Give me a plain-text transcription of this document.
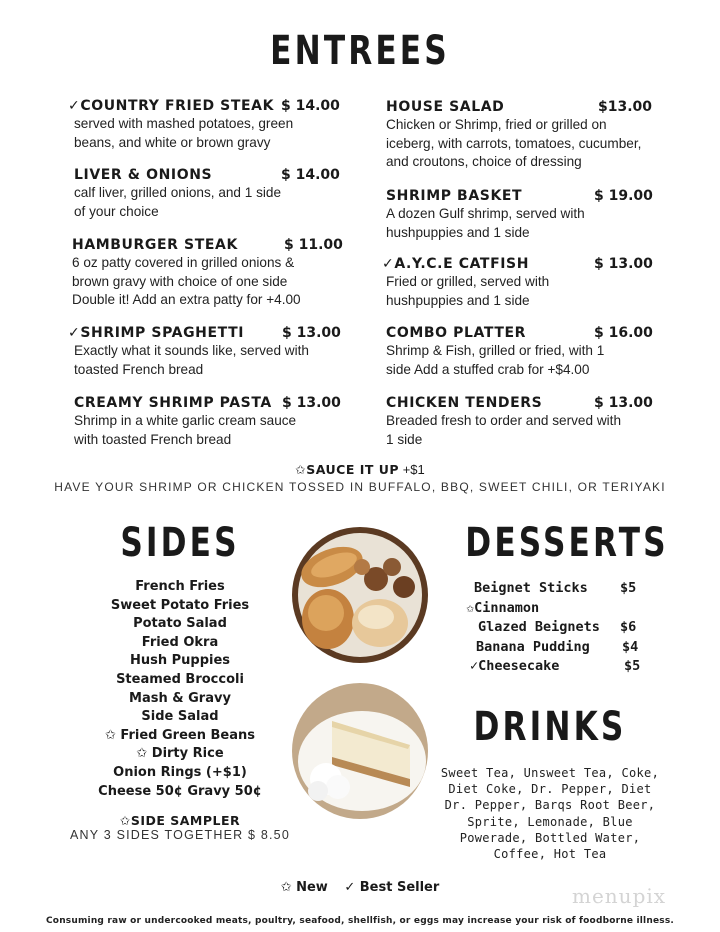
ENTREES
✓COUNTRY FRIED STEAK $ 14.00
served with mashed potatoes, green
beans, and white or brown gravy
LIVER & ONIONS	$ 14.00
calf liver, grilled onions, and 1 side
of your choice
HAMBURGER STEAK	$ 11.00
6 oz patty covered in grilled onions &
brown gravy with choice of one side
Double it! Add an extra patty for +4.00
✓SHRIMP SPAGHETTI	$ 13.00
Exactly what it sounds like, served with
toasted French bread
CREAMY SHRIMP PASTA $ 13.00
Shrimp in a white garlic cream sauce
with toasted French bread
HOUSE SALAD	$13.00
Chicken or Shrimp, fried or grilled on
iceberg, with carrots, tomatoes, cucumber,
and croutons, choice of dressing
SHRIMP BASKET	$ 19.00
A dozen Gulf shrimp, served with
hushpuppies and 1 side
✓A.Y.C.E CATFISH	$ 13.00
Fried or grilled, served with
hushpuppies and 1 side
COMBO PLATTER	$ 16.00
Shrimp & Fish, grilled or fried, with 1
side Add a stuffed crab for +$4.00
CHICKEN TENDERS	$ 13.00
Breaded fresh to order and served with
1 side
✩SAUCE IT UP +$1
HAVE YOUR SHRIMP OR CHICKEN TOSSED IN BUFFALO, BBQ, SWEET CHILI, OR TERIYAKI
SIDES
French Fries
Sweet Potato Fries
Potato Salad
Fried Okra
Hush Puppies
Steamed Broccoli
Mash & Gravy
Side Salad
✩ Fried Green Beans
✩ Dirty Rice
Onion Rings (+$1)
Cheese 50¢ Gravy 50¢
✩SIDE SAMPLER
ANY 3 SIDES TOGETHER $ 8.50
DESSERTS
Beignet Sticks $5
✩Cinnamon
Glazed Beignets $6
Banana Pudding $4
✓Cheesecake	$5
DRINKS
Sweet Tea, Unsweet Tea, Coke, Diet Coke, Dr. Pepper, Diet Dr. Pepper, Barqs Root Beer, Sprite, Lemonade, Blue Powerade, Bottled Water, Coffee, Hot Tea
✩ New ✓ Best Seller	menupix
Consuming raw or undercooked meats, poultry, seafood, shellfish, or eggs may increase your risk of foodborne illness.
